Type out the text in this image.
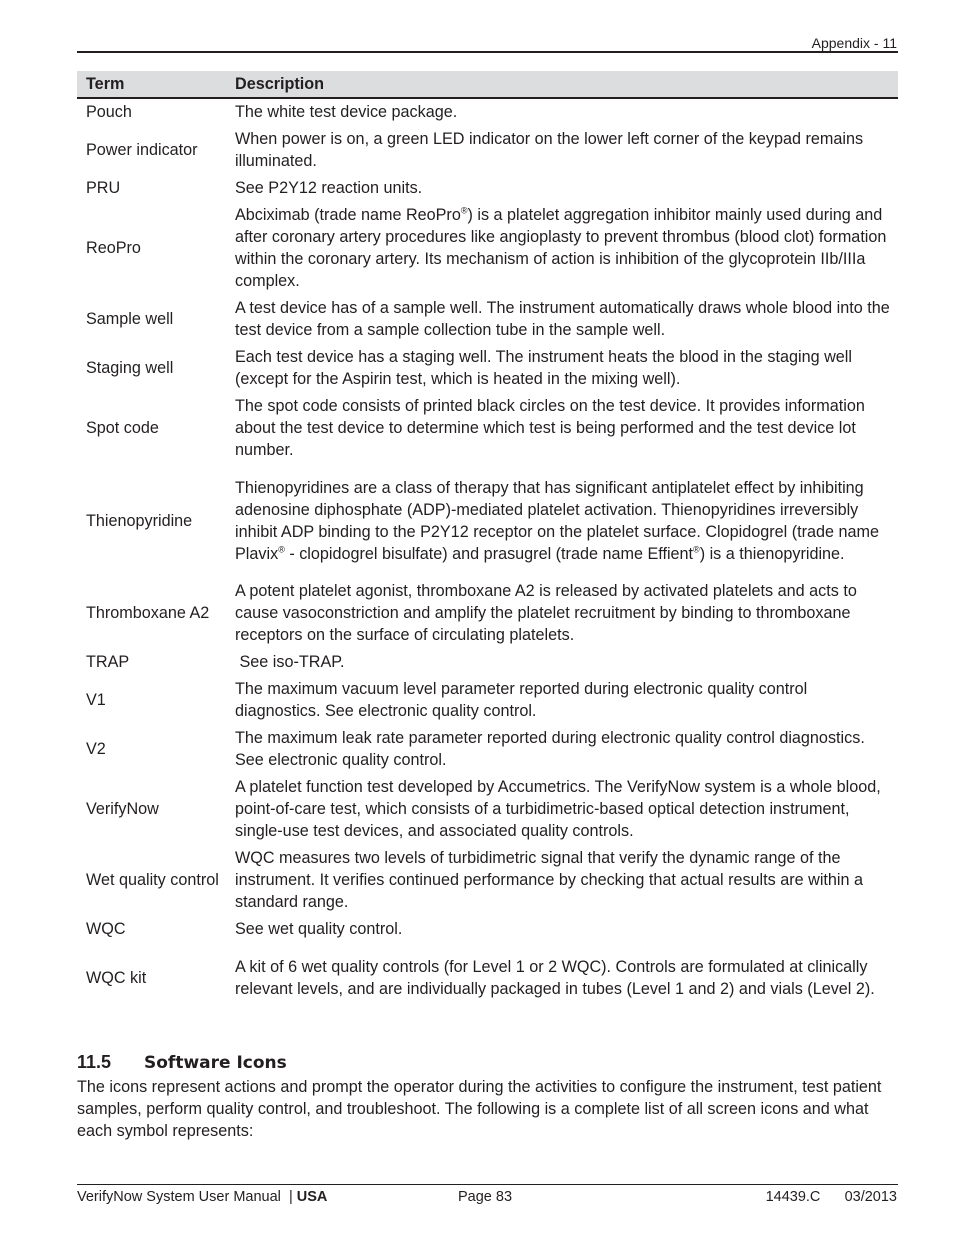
Appendix - 11
Term	Description
Pouch	The white test device package.
Power indicator	When power is on, a green LED indicator on the lower left corner of the keypad remains illuminated.
PRU	See P2Y12 reaction units.
ReoPro	Abciximab (trade name ReoPro®) is a platelet aggregation inhibitor mainly used during and after coronary artery procedures like angioplasty to prevent thrombus (blood clot) formation within the coronary artery. Its mechanism of action is inhibition of the glycoprotein IIb/IIIa complex.
Sample well	A test device has of a sample well. The instrument automatically draws whole blood into the test device from a sample collection tube in the sample well.
Staging well	Each test device has a staging well. The instrument heats the blood in the staging well (except for the Aspirin test, which is heated in the mixing well).
Spot code	The spot code consists of printed black circles on the test device. It provides information about the test device to determine which test is being performed and the test device lot number.
Thienopyridine	Thienopyridines are a class of therapy that has significant antiplatelet effect by inhibiting adenosine diphosphate (ADP)-mediated platelet activation. Thienopyridines irreversibly inhibit ADP binding to the P2Y12 receptor on the platelet surface. Clopidogrel (trade name Plavix® - clopidogrel bisulfate) and prasugrel (trade name Effient®) is a thienopyridine.
Thromboxane A2	A potent platelet agonist, thromboxane A2 is released by activated platelets and acts to cause vasoconstriction and amplify the platelet recruitment by binding to thromboxane receptors on the surface of circulating platelets.
TRAP	See iso-TRAP.
V1	The maximum vacuum level parameter reported during electronic quality control diagnostics. See electronic quality control.
V2	The maximum leak rate parameter reported during electronic quality control diagnostics. See electronic quality control.
VerifyNow	A platelet function test developed by Accumetrics. The VerifyNow system is a whole blood, point-of-care test, which consists of a turbidimetric-based optical detection instrument, single-use test devices, and associated quality controls.
Wet quality control	WQC measures two levels of turbidimetric signal that verify the dynamic range of the instrument. It verifies continued performance by checking that actual results are within a standard range.
WQC	See wet quality control.
WQC kit	A kit of 6 wet quality controls (for Level 1 or 2 WQC). Controls are formulated at clinically relevant levels, and are individually packaged in tubes (Level 1 and 2) and vials (Level 2).
11.5 Software Icons

The icons represent actions and prompt the operator during the activities to configure the instrument, test patient samples, perform quality control, and troubleshoot. The following is a complete list of all screen icons and what each symbol represents:

VerifyNow System User Manual | USA	Page 83	14439.C 03/2013
